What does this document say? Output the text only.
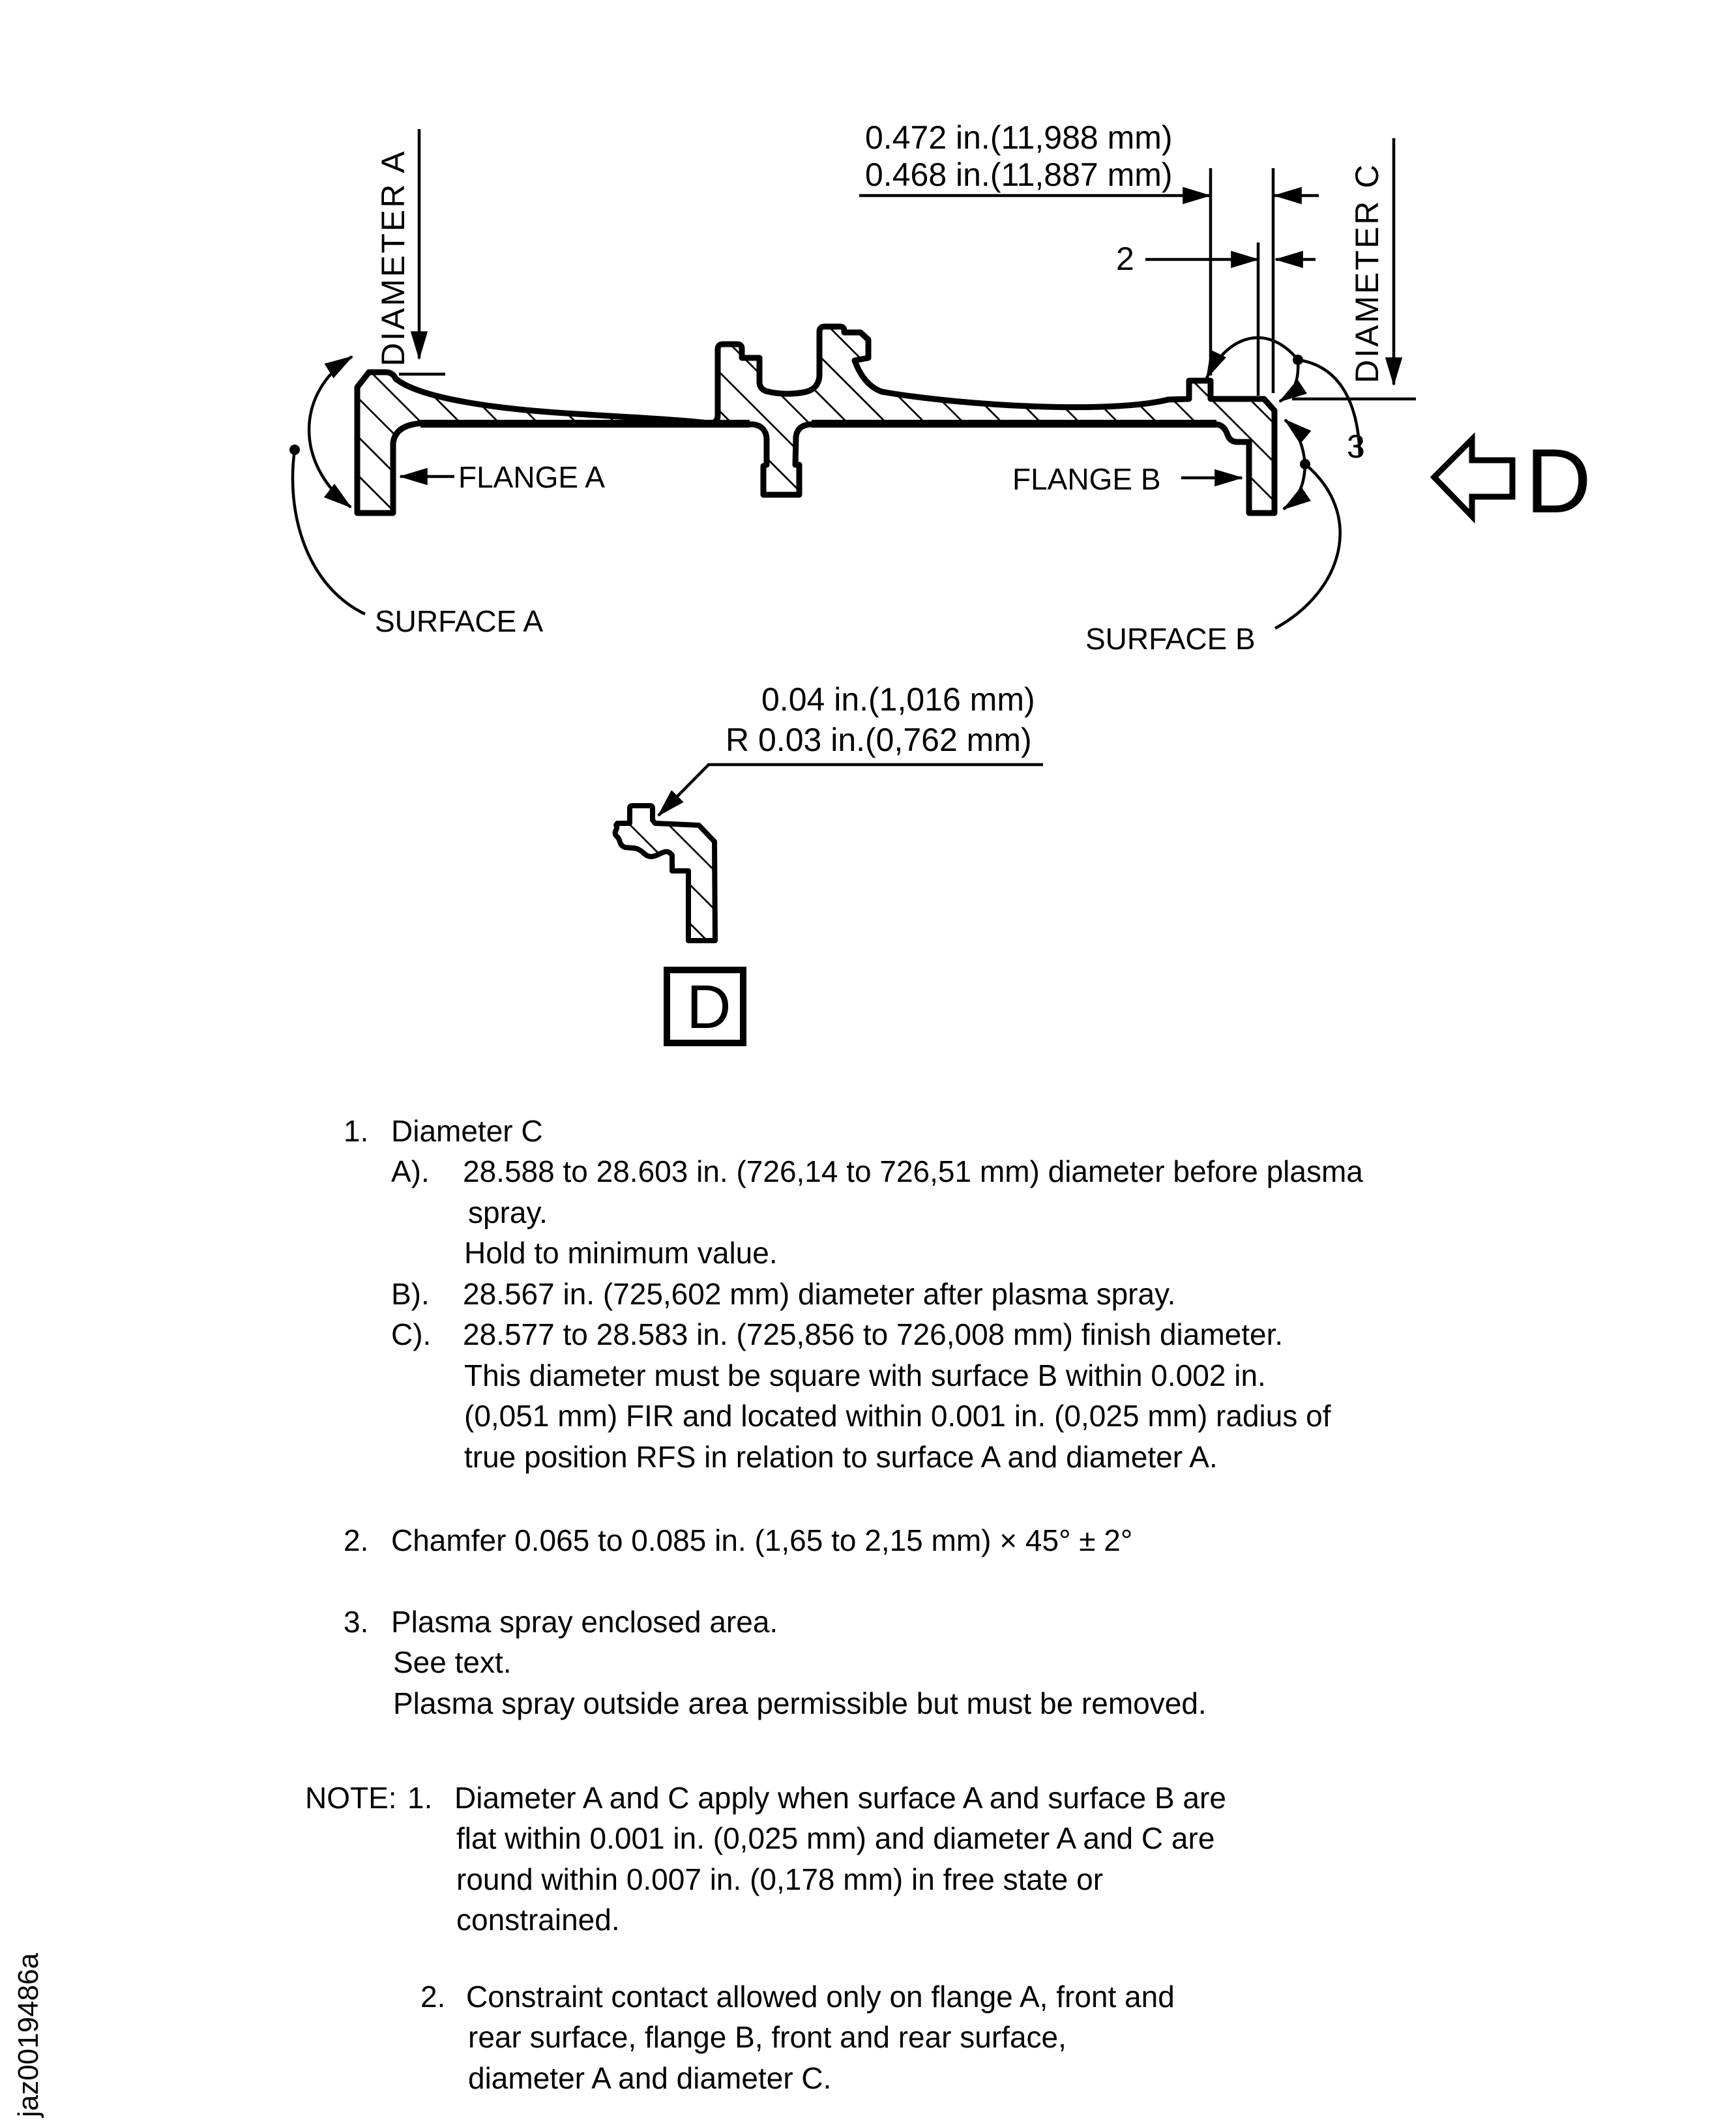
0.472 in.(11,988 mm)
0.468 in.(11,887 mm)
2
3
DIAMETER A	DIAMETER C
FLANGE A	FLANGE B
SURFACE A
SURFACE B
D
0.04 in.(1,016 mm)
R 0.03 in.(0,762 mm)
D
1. Diameter C
A). 28.588 to 28.603 in. (726,14 to 726,51 mm) diameter before plasma
spray.
Hold to minimum value.
B). 28.567 in. (725,602 mm) diameter after plasma spray.
C). 28.577 to 28.583 in. (725,856 to 726,008 mm) finish diameter.
This diameter must be square with surface B within 0.002 in.
(0,051 mm) FIR and located within 0.001 in. (0,025 mm) radius of
true position RFS in relation to surface A and diameter A.
2. Chamfer 0.065 to 0.085 in. (1,65 to 2,15 mm) × 45° ± 2°
3. Plasma spray enclosed area.
See text.
Plasma spray outside area permissible but must be removed.
NOTE: 1. Diameter A and C apply when surface A and surface B are
flat within 0.001 in. (0,025 mm) and diameter A and C are
round within 0.007 in. (0,178 mm) in free state or
constrained.
2. Constraint contact allowed only on flange A, front and
rear surface, flange B, front and rear surface,
diameter A and diameter C.
jaz0019486a
